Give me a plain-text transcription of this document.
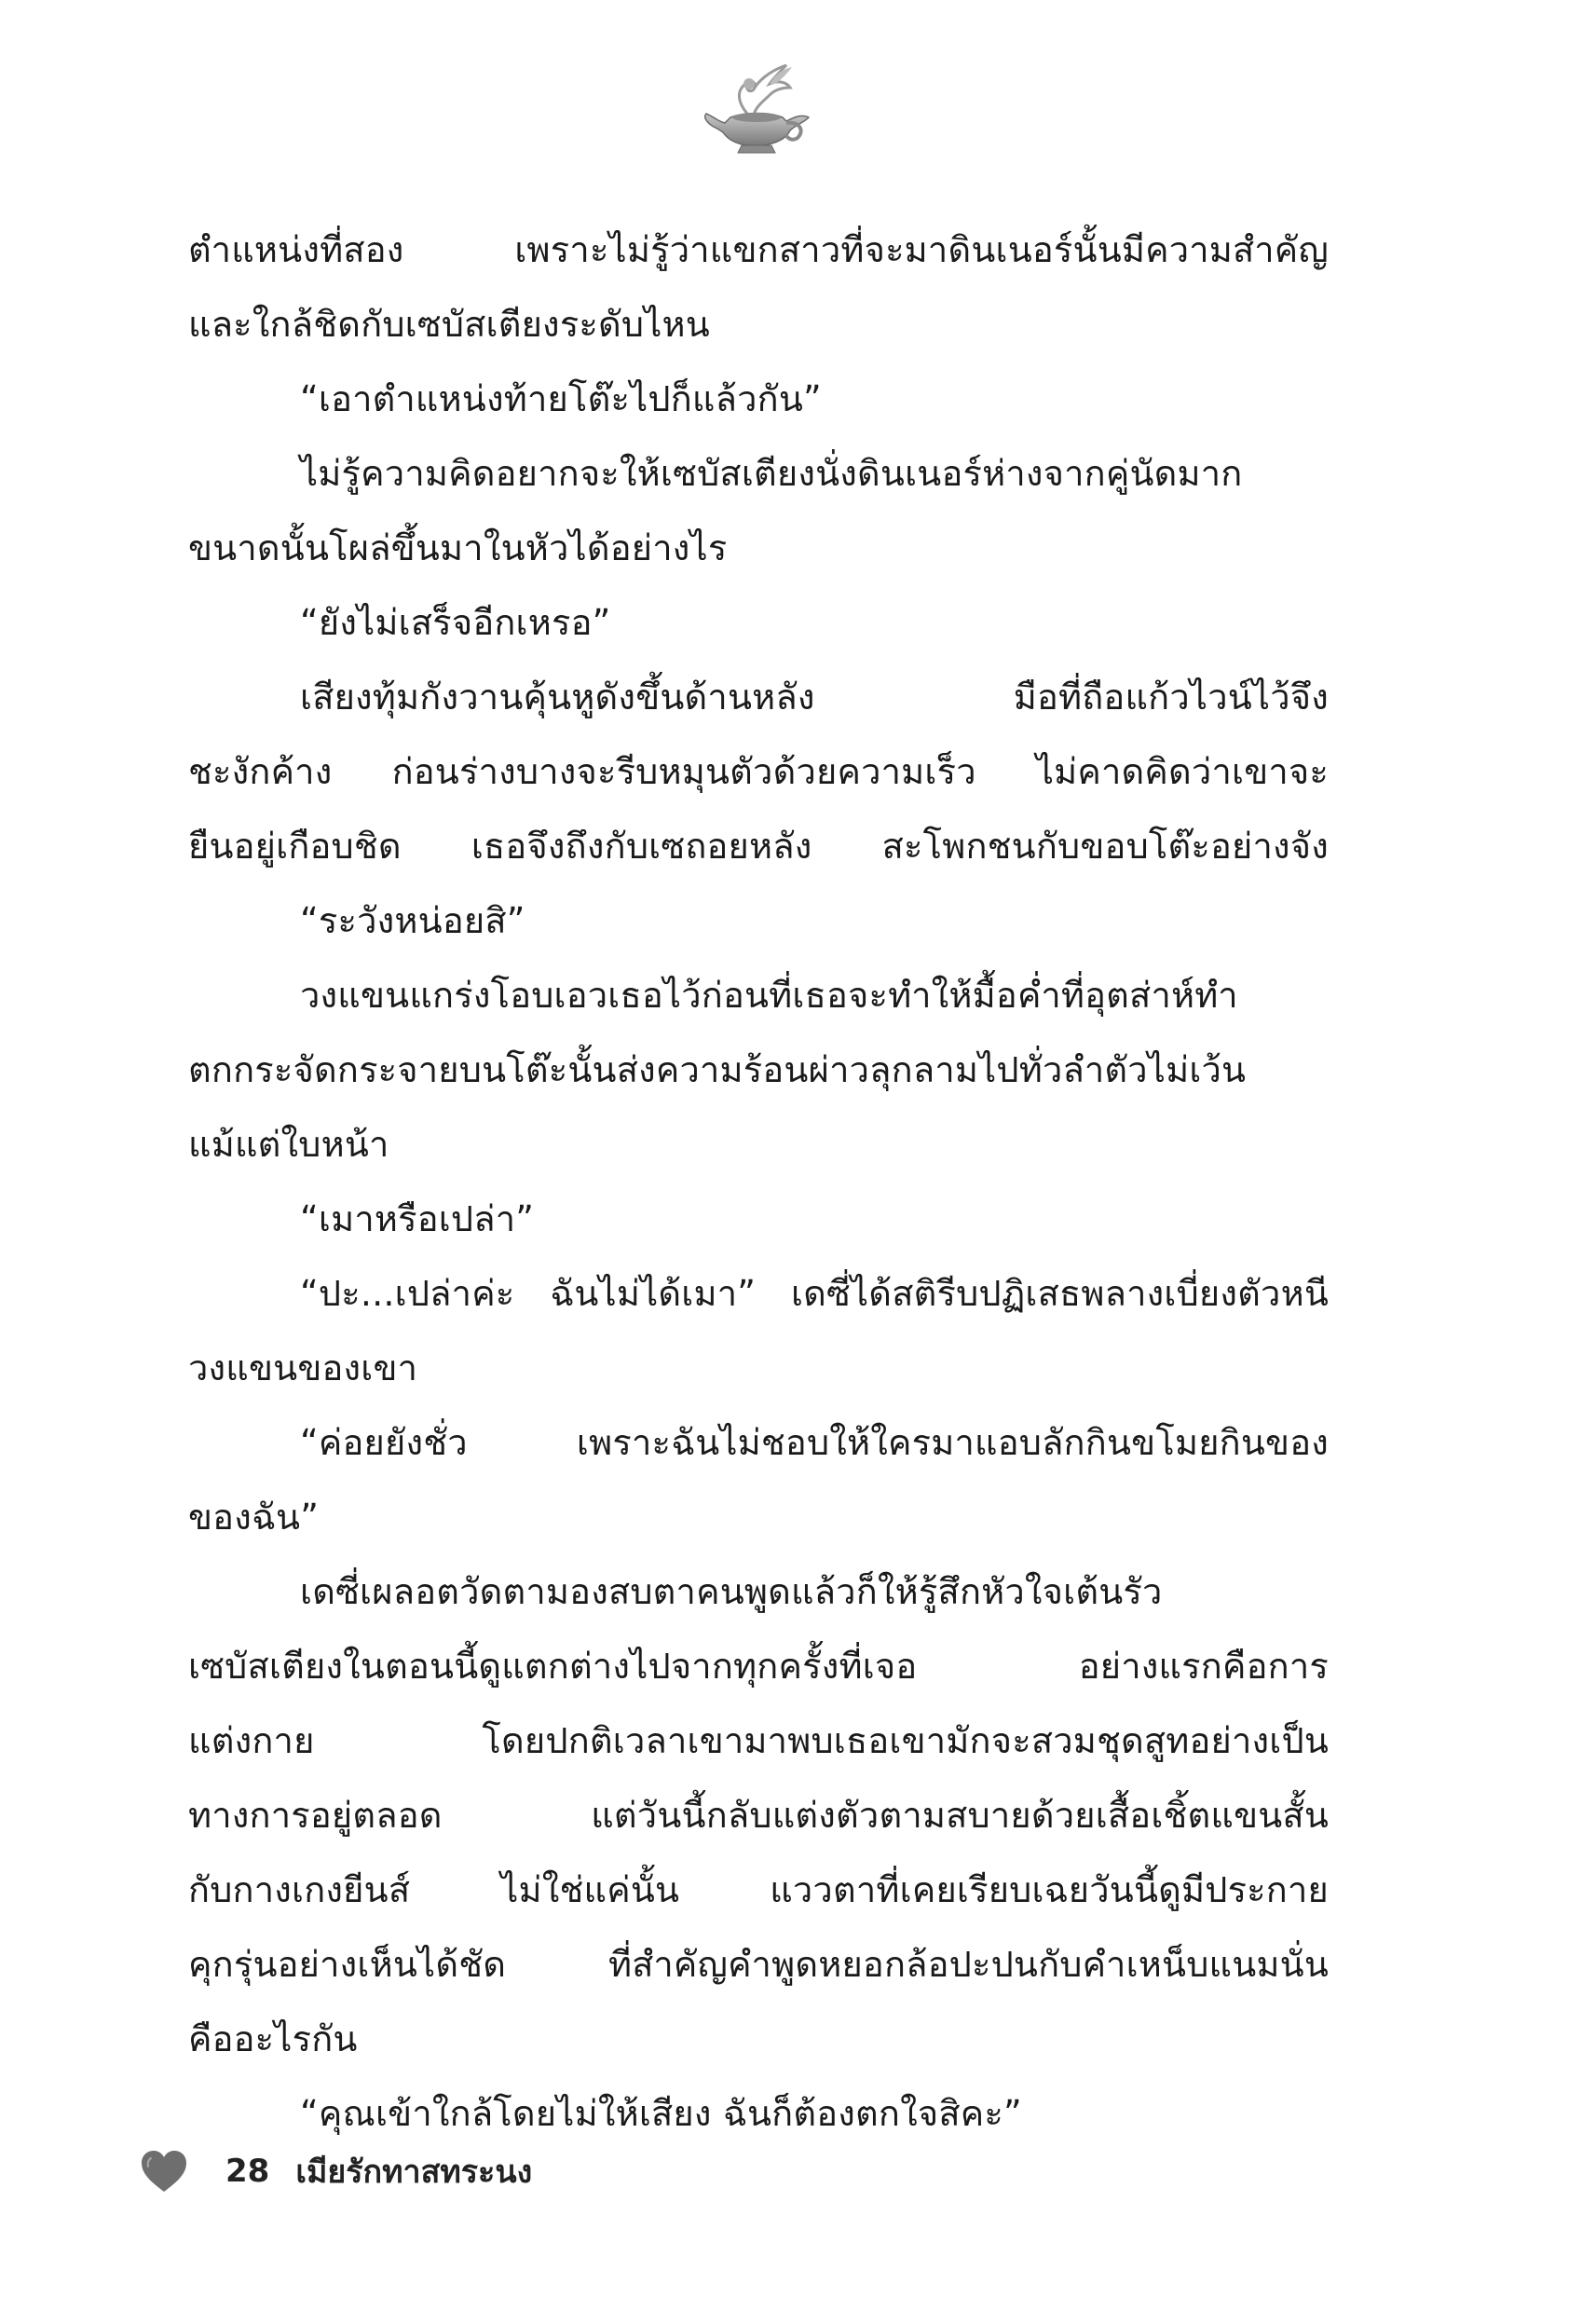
ตำแหน่งที่สอง เพราะไม่รู้ว่าแขกสาวที่จะมาดินเนอร์นั้นมีความสำคัญ
และใกล้ชิดกับเซบัสเตียงระดับไหน
“เอาตำแหน่งท้ายโต๊ะไปก็แล้วกัน”
ไม่รู้ความคิดอยากจะให้เซบัสเตียงนั่งดินเนอร์ห่างจากคู่นัดมาก
ขนาดนั้นโผล่ขึ้นมาในหัวได้อย่างไร
“ยังไม่เสร็จอีกเหรอ”
เสียงทุ้มกังวานคุ้นหูดังขึ้นด้านหลัง มือที่ถือแก้วไวน์ไว้จึง
ชะงักค้าง ก่อนร่างบางจะรีบหมุนตัวด้วยความเร็ว ไม่คาดคิดว่าเขาจะ
ยืนอยู่เกือบชิด เธอจึงถึงกับเซถอยหลัง สะโพกชนกับขอบโต๊ะอย่างจัง
“ระวังหน่อยสิ”
วงแขนแกร่งโอบเอวเธอไว้ก่อนที่เธอจะทำให้มื้อค่ำที่อุตส่าห์ทำ
ตกกระจัดกระจายบนโต๊ะนั้นส่งความร้อนผ่าวลุกลามไปทั่วลำตัวไม่เว้น
แม้แต่ใบหน้า
“เมาหรือเปล่า”
“ปะ...เปล่าค่ะ ฉันไม่ได้เมา” เดซี่ได้สติรีบปฏิเสธพลางเบี่ยงตัวหนี
วงแขนของเขา
“ค่อยยังชั่ว เพราะฉันไม่ชอบให้ใครมาแอบลักกินขโมยกินของ
ของฉัน”
เดซี่เผลอตวัดตามองสบตาคนพูดแล้วก็ให้รู้สึกหัวใจเต้นรัว
เซบัสเตียงในตอนนี้ดูแตกต่างไปจากทุกครั้งที่เจอ อย่างแรกคือการ
แต่งกาย โดยปกติเวลาเขามาพบเธอเขามักจะสวมชุดสูทอย่างเป็น
ทางการอยู่ตลอด แต่วันนี้กลับแต่งตัวตามสบายด้วยเสื้อเชิ้ตแขนสั้น
กับกางเกงยีนส์ ไม่ใช่แค่นั้น แววตาที่เคยเรียบเฉยวันนี้ดูมีประกาย
คุกรุ่นอย่างเห็นได้ชัด ที่สำคัญคำพูดหยอกล้อปะปนกับคำเหน็บแนมนั่น
คืออะไรกัน
“คุณเข้าใกล้โดยไม่ให้เสียง ฉันก็ต้องตกใจสิคะ”
28 เมียรักทาสทระนง
